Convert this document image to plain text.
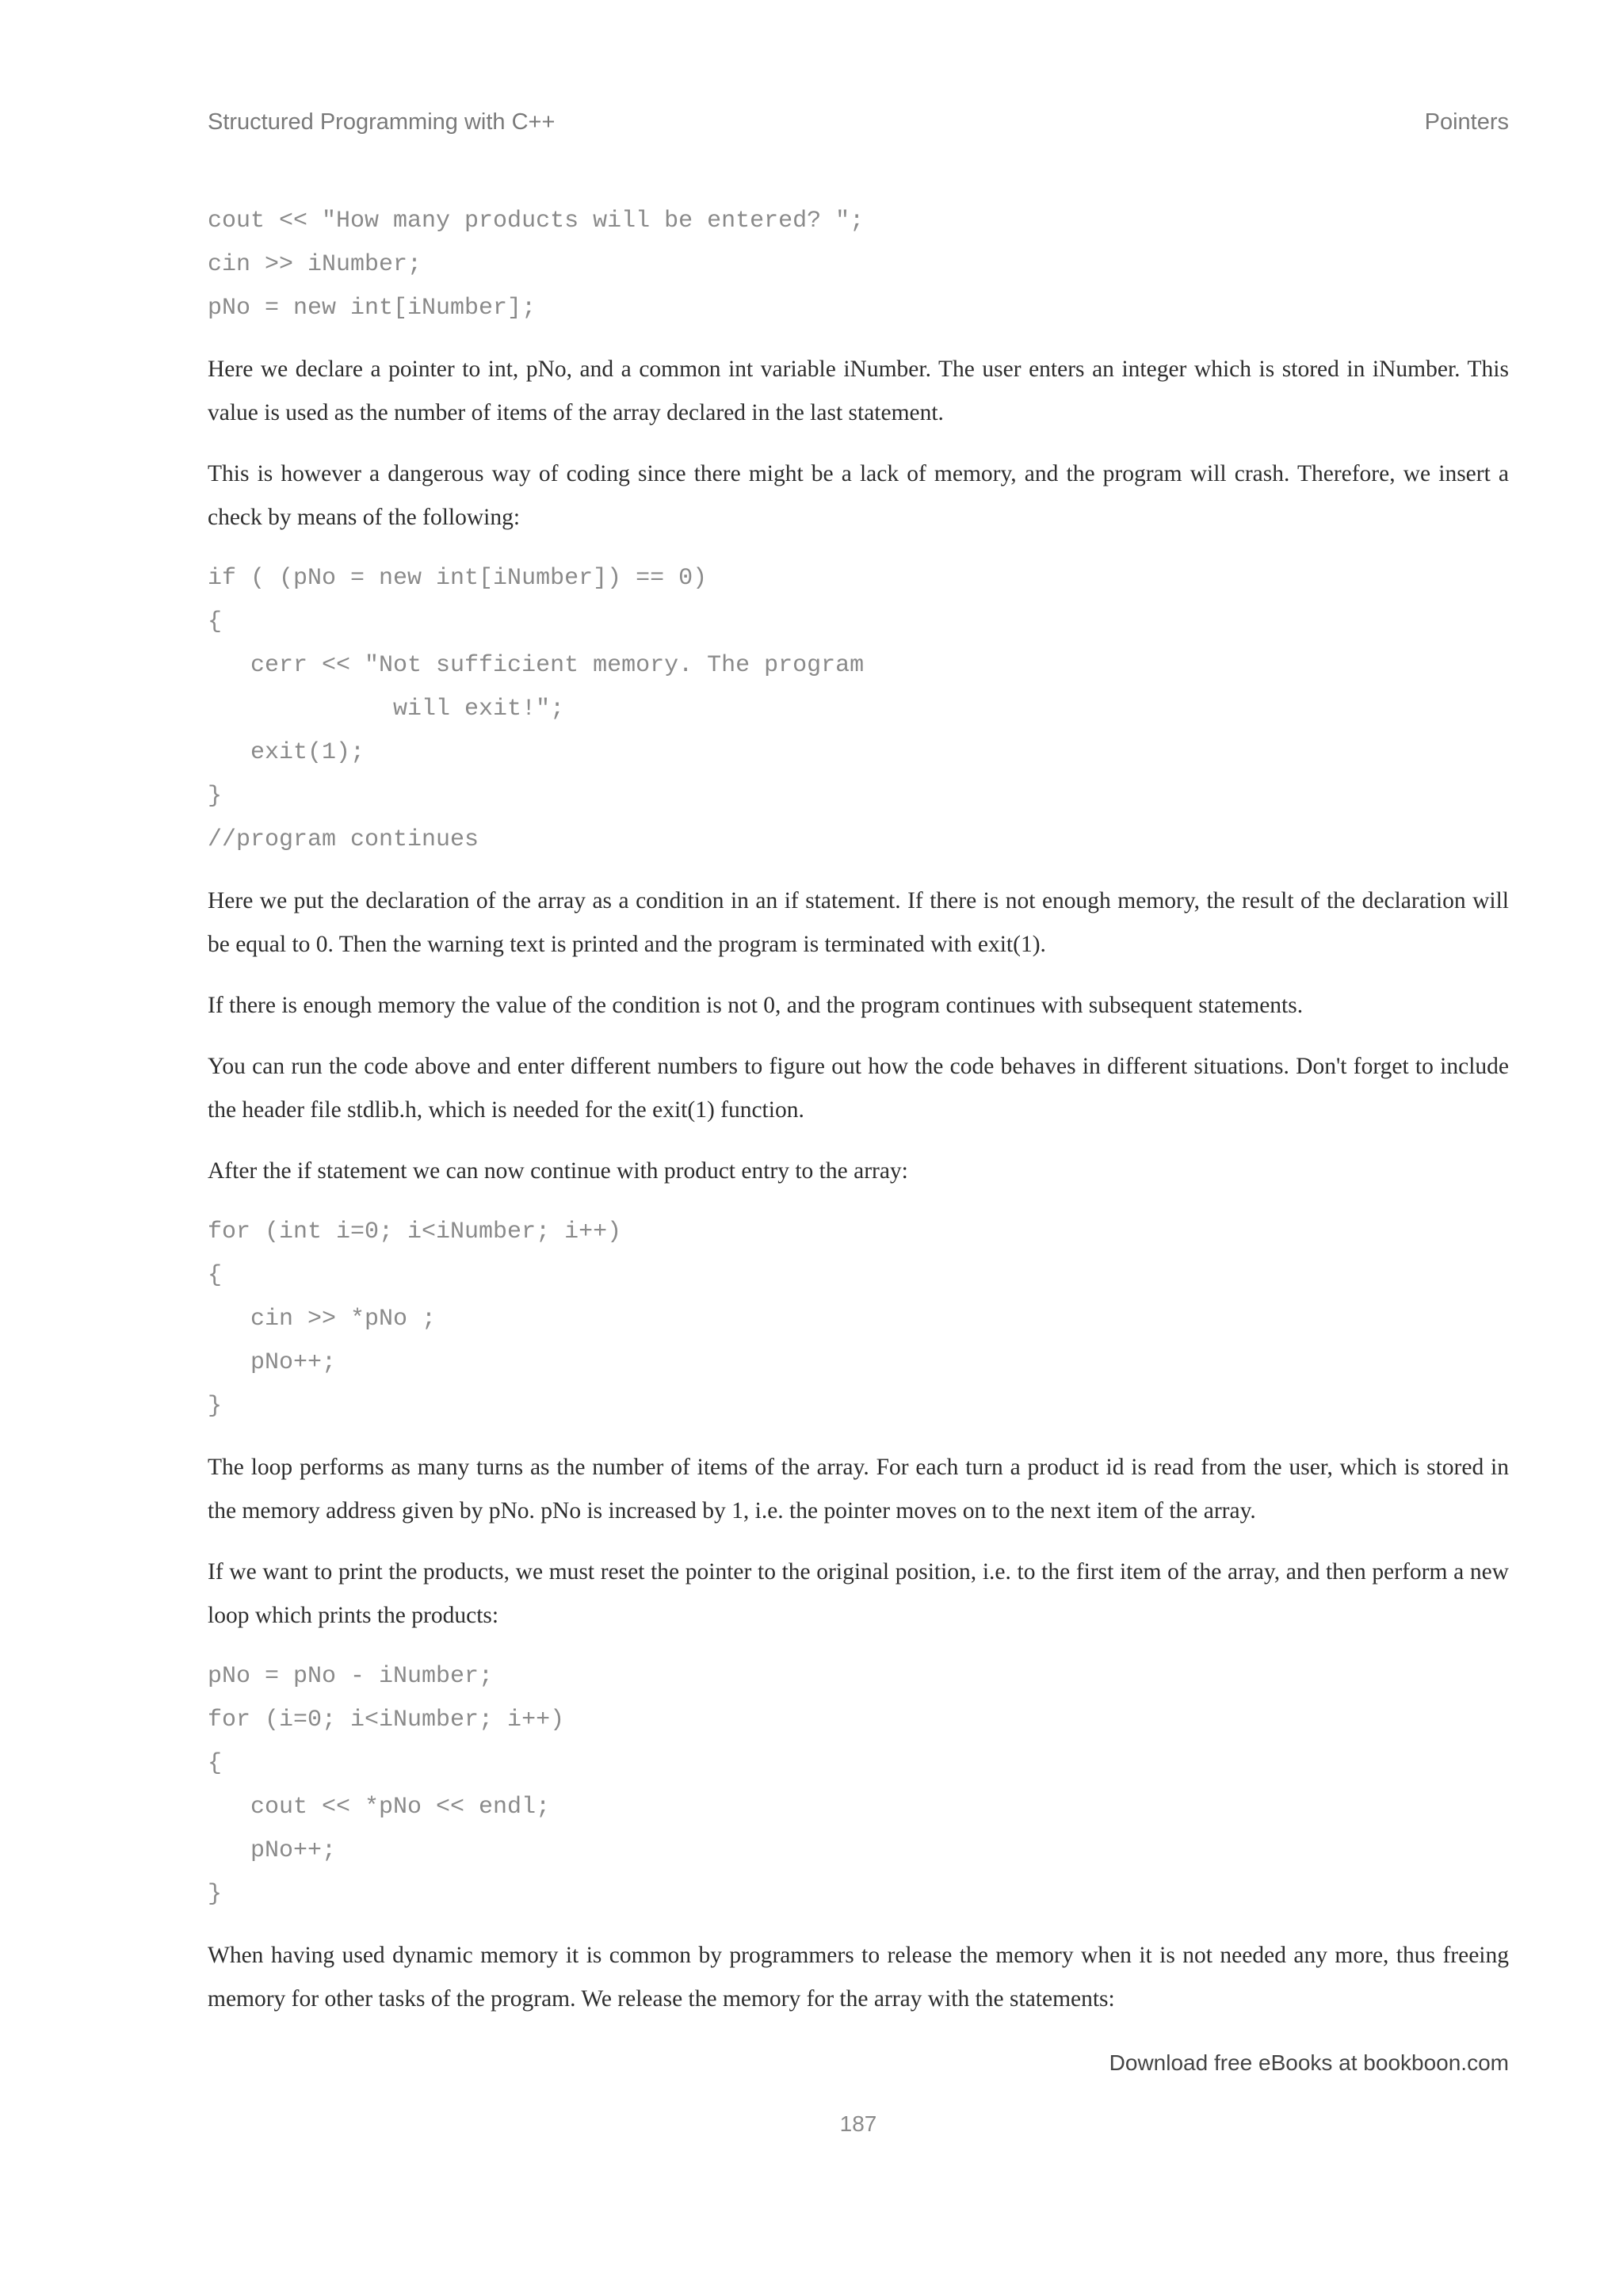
Structured Programming with C++	Pointers
cout << "How many products will be entered? ";
cin >> iNumber;
pNo = new int[iNumber];

Here we declare a pointer to int, pNo, and a common int variable iNumber. The user enters an integer which is stored in iNumber. This value is used as the number of items of the array declared in the last statement.

This is however a dangerous way of coding since there might be a lack of memory, and the program will crash. Therefore, we insert a check by means of the following:

if ( (pNo = new int[iNumber]) == 0)
{
cerr << "Not sufficient memory. The program
will exit!";
exit(1);
}
//program continues

Here we put the declaration of the array as a condition in an if statement. If there is not enough memory, the result of the declaration will be equal to 0. Then the warning text is printed and the program is terminated with exit(1).

If there is enough memory the value of the condition is not 0, and the program continues with subsequent statements.

You can run the code above and enter different numbers to figure out how the code behaves in different situations. Don't forget to include the header file stdlib.h, which is needed for the exit(1) function.

After the if statement we can now continue with product entry to the array:

for (int i=0; i<iNumber; i++)
{
cin >> *pNo ;
pNo++;
}

The loop performs as many turns as the number of items of the array. For each turn a product id is read from the user, which is stored in the memory address given by pNo. pNo is increased by 1, i.e. the pointer moves on to the next item of the array.

If we want to print the products, we must reset the pointer to the original position, i.e. to the first item of the array, and then perform a new loop which prints the products:

pNo = pNo - iNumber;
for (i=0; i<iNumber; i++)
{
cout << *pNo << endl;
pNo++;
}

When having used dynamic memory it is common by programmers to release the memory when it is not needed any more, thus freeing memory for other tasks of the program. We release the memory for the array with the statements:

Download free eBooks at bookboon.com
187
